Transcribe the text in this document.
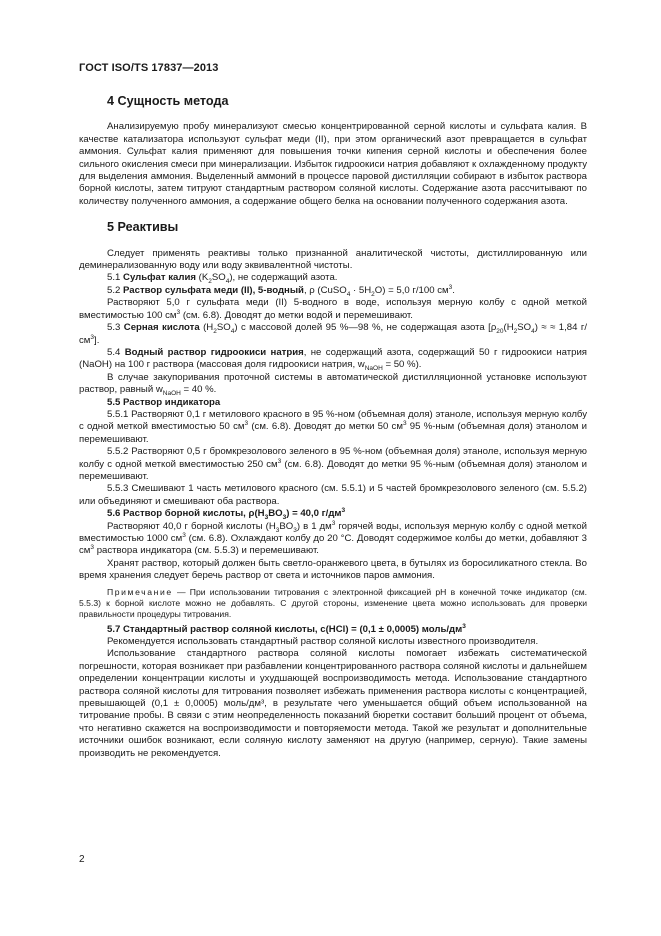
ГОСТ ISO/TS 17837—2013
4 Сущность метода

Анализируемую пробу минерализуют смесью концентрированной серной кислоты и сульфата калия. В качестве катализатора используют сульфат меди (II), при этом органический азот превращается в сульфат аммония. Сульфат калия применяют для повышения точки кипения серной кислоты и обеспечения более сильного окисления смеси при минерализации. Избыток гидроокиси натрия добавляют к охлажденному продукту для выделения аммония. Выделенный аммоний в процессе паровой дистилляции собирают в избыток раствора борной кислоты, затем титруют стандартным раствором соляной кислоты. Содержание азота рассчитывают по количеству полученного аммония, а содержание общего белка на основании полученного содержания азота.

5 Реактивы

Следует применять реактивы только признанной аналитической чистоты, дистиллированную или деминерализованную воду или воду эквивалентной чистоты.

5.1 Сульфат калия $(K_2SO_4)$, не содержащий азота.

5.2 Раствор сульфата меди (II), 5-водный, ρ (CuSO$_4$ · $5H_2O) = 5,0$ г/100 $см^3$.

Растворяют 5,0 г сульфата меди (II) 5-водного в воде, используя мерную колбу с одной меткой вместимостью 100 $см^3$ (см. 6.8). Доводят до метки водой и перемешивают.

5.3 Серная кислота $(H_2SO_4)$ с массовой долей 95 %—98 %, не содержащая азота [$\rho_{20}(H_2SO_4)$ ≈ ≈ 1,84 $г/см^3$].

5.4 Водный раствор гидроокиси натрия, не содержащий азота, содержащий 50 г гидроокиси натрия (NaOH) на 100 г раствора (массовая доля гидроокиси натрия, $w_{NaOH} = 50$ %).

В случае закупоривания проточной системы в автоматической дистилляционной установке используют раствор, равный $w_{NaOH} = 40$ %.

5.5 Раствор индикатора

5.5.1 Растворяют 0,1 г метилового красного в 95 %-ном (объемная доля) этаноле, используя мерную колбу с одной меткой вместимостью 50 $см^3$ (см. 6.8). Доводят до метки 50 $см^3$ 95 %-ным (объемная доля) этанолом и перемешивают.

5.5.2 Растворяют 0,5 г бромкрезолового зеленого в 95 %-ном (объемная доля) этаноле, используя мерную колбу с одной меткой вместимостью 250 $см^3$ (см. 6.8). Доводят до метки 95 %-ным (объемная доля) этанолом и перемешивают.

5.5.3 Смешивают 1 часть метилового красного (см. 5.5.1) и 5 частей бромкрезолового зеленого (см. 5.5.2) или объединяют и смешивают оба раствора.

5.6 Раствор борной кислоты, $\rho(H_3BO_3) = 40,0$ $г/дм^3$

Растворяют 40,0 г борной кислоты $(H_3BO_3)$ в 1 $дм^3$ горячей воды, используя мерную колбу с одной меткой вместимостью 1000 $см^3$ (см. 6.8). Охлаждают колбу до 20 °C. Доводят содержимое колбы до метки, добавляют 3 $см^3$ раствора индикатора (см. 5.5.3) и перемешивают.

Хранят раствор, который должен быть светло-оранжевого цвета, в бутылях из боросиликатного стекла. Во время хранения следует беречь раствор от света и источников паров аммония.

Примечание — При использовании титрования с электронной фиксацией pH в конечной точке индикатор (см. 5.5.3) к борной кислоте можно не добавлять. С другой стороны, изменение цвета можно использовать для проверки правильности процедуры титрования.

5.7 Стандартный раствор соляной кислоты, c(HCl) = (0,1 ± 0,0005) моль/$дм^3$

Рекомендуется использовать стандартный раствор соляной кислоты известного производителя.

Использование стандартного раствора соляной кислоты помогает избежать систематической погрешности, которая возникает при разбавлении концентрированного раствора соляной кислоты и дальнейшем определении концентрации кислоты и ухудшающей воспроизводимость метода. Использование стандартного раствора соляной кислоты для титрования позволяет избежать применения раствора кислоты с концентрацией, превышающей (0,1 ± 0,0005) моль/дм³, в результате чего уменьшается общий объем использованной на титрование пробы. В связи с этим неопределенность показаний бюретки составит больший процент от объема, что негативно скажется на воспроизводимости и повторяемости метода. Такой же результат и дополнительные источники ошибок возникают, если соляную кислоту заменяют на другую (например, серную). Такие замены производить не рекомендуется.

2
